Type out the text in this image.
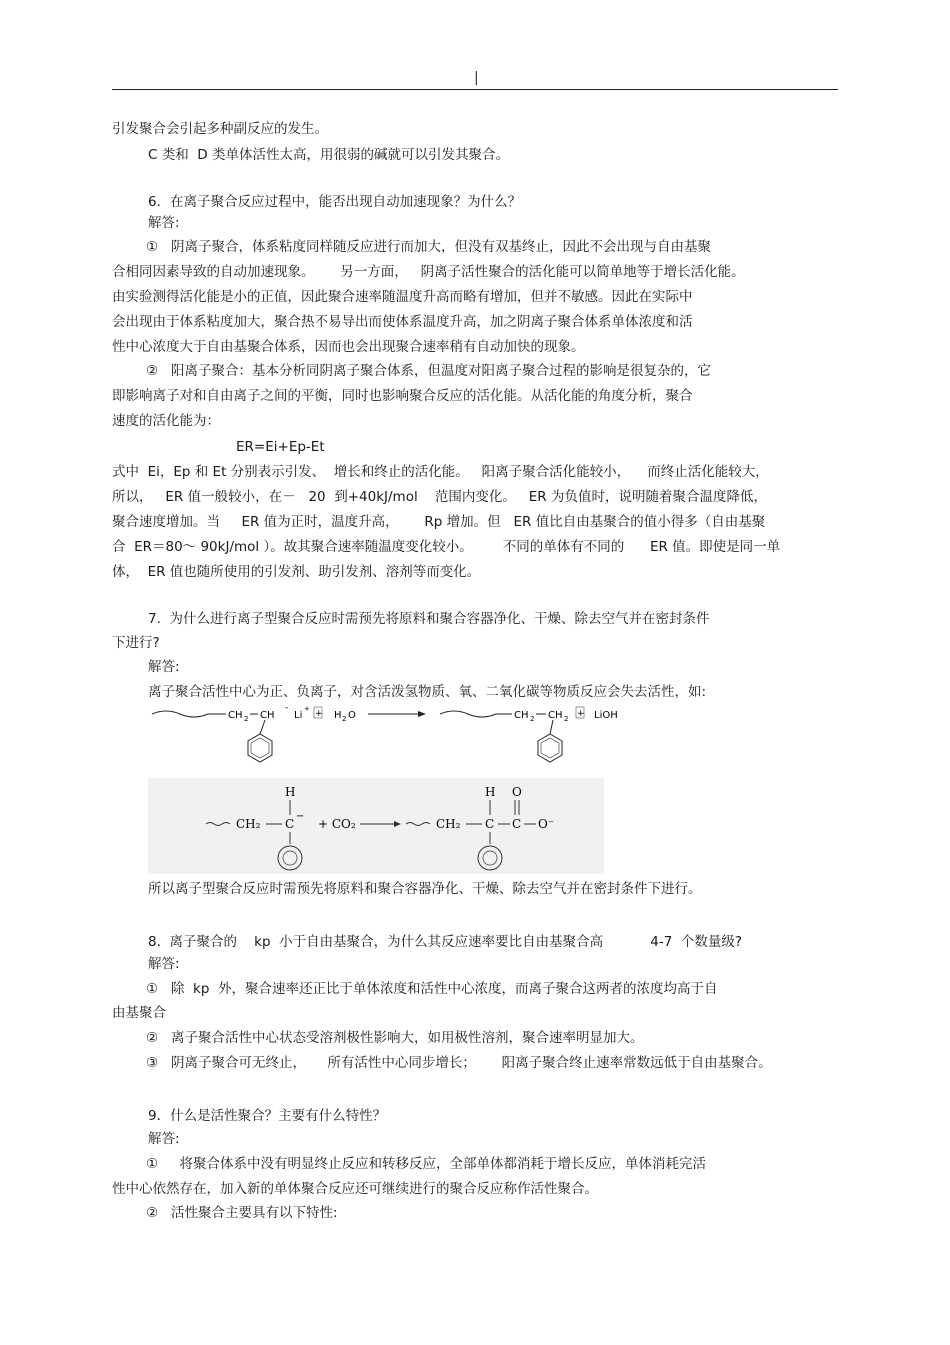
|
引发聚合会引起多种副反应的发生。
C 类和  D 类单体活性太高，用很弱的碱就可以引发其聚合。
6．在离子聚合反应过程中，能否出现自动加速现象？为什么？
解答:
①   阴离子聚合，体系粘度同样随反应进行而加大，但没有双基终止，因此不会出现与自由基聚
合相同因素导致的自动加速现象。      另一方面，   阴离子活性聚合的活化能可以简单地等于增长活化能。
由实验测得活化能是小的正值，因此聚合速率随温度升高而略有增加，但并不敏感。因此在实际中
会出现由于体系粘度加大，聚合热不易导出而使体系温度升高，加之阴离子聚合体系单体浓度和活
性中心浓度大于自由基聚合体系，因而也会出现聚合速率稍有自动加快的现象。
②   阳离子聚合：基本分析同阴离子聚合体系，但温度对阳离子聚合过程的影响是很复杂的，它
即影响离子对和自由离子之间的平衡，同时也影响聚合反应的活化能。从活化能的角度分析，聚合
速度的活化能为：
ER=Ei+Ep-Et
式中  Ei，Ep 和 Et 分别表示引发、  增长和终止的活化能。   阳离子聚合活化能较小，    而终止活化能较大，
所以，   ER 值一般较小，在－   20  到+40kJ/mol    范围内变化。   ER 为负值时，说明随着聚合温度降低，
聚合速度增加。当     ER 值为正时，温度升高，      Rp 增加。但   ER 值比自由基聚合的值小得多（自由基聚
合  ER＝80～ 90kJ/mol ）。故其聚合速率随温度变化较小。       不同的单体有不同的      ER 值。即使是同一单
体，  ER 值也随所使用的引发剂、助引发剂、溶剂等而变化。
7.  为什么进行离子型聚合反应时需预先将原料和聚合容器净化、干燥、除去空气并在密封条件
下进行?
解答:
离子聚合活性中心为正、负离子，对含活泼氢物质、氧、二氧化碳等物质反应会失去活性，如:
CH 2 CH
-
Li
+ + H 2 O	CH 2 CH 2 + LiOH
CH₂ C
−
H
+ CO₂	CH₂ C
H
C
O
O⁻
所以离子型聚合反应时需预先将原料和聚合容器净化、干燥、除去空气并在密封条件下进行。
8.  离子聚合的    kp  小于自由基聚合，为什么其反应速率要比自由基聚合高           4-7  个数量级?
解答:
①   除  kp  外，聚合速率还正比于单体浓度和活性中心浓度，而离子聚合这两者的浓度均高于自
由基聚合
②   离子聚合活性中心状态受溶剂极性影响大，如用极性溶剂，聚合速率明显加大。
③   阴离子聚合可无终止，     所有活性中心同步增长；      阳离子聚合终止速率常数远低于自由基聚合。
9．什么是活性聚合？主要有什么特性？
解答:
①     将聚合体系中没有明显终止反应和转移反应，全部单体都消耗于增长反应，单体消耗完活
性中心依然存在，加入新的单体聚合反应还可继续进行的聚合反应称作活性聚合。
②   活性聚合主要具有以下特性:
